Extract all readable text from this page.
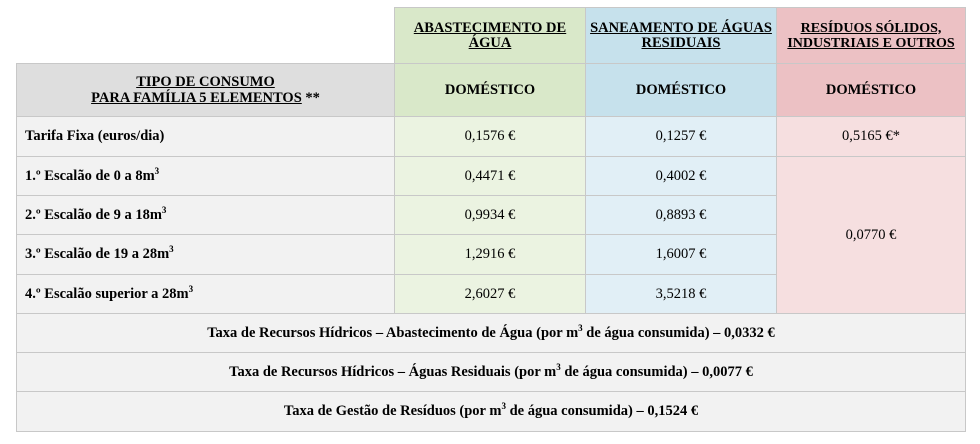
	ABASTECIMENTO DE ÁGUA	SANEAMENTO DE ÁGUAS RESIDUAIS	RESÍDUOS SÓLIDOS, INDUSTRIAIS E OUTROS
TIPO DE CONSUMO
PARA FAMÍLIA 5 ELEMENTOS **	DOMÉSTICO	DOMÉSTICO	DOMÉSTICO
Tarifa Fixa (euros/dia)	0,1576 €	0,1257 €	0,5165 €*
1.º Escalão de 0 a $8m^3$	0,4471 €	0,4002 €	0,0770 €
2.º Escalão de 9 a $18m^3$	0,9934 €	0,8893 €	
3.º Escalão de 19 a $28m^3$	1,2916 €	1,6007 €	
4.º Escalão superior a $28m^3$	2,6027 €	3,5218 €	
Taxa de Recursos Hídricos – Abastecimento de Água (por $m^3$ de água consumida) – 0,0332 €			
Taxa de Recursos Hídricos – Águas Residuais (por $m^3$ de água consumida) – 0,0077 €			
Taxa de Gestão de Resíduos (por $m^3$ de água consumida) – 0,1524 €			
